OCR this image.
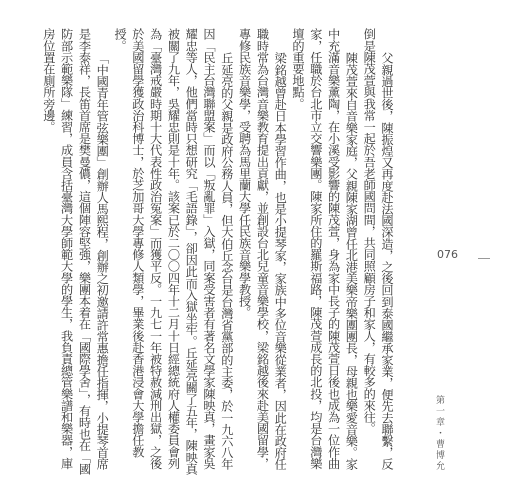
父親過世後，陳振煌又再度赴法國深造，之後回到泰國繼承家業，便先去聯繫，反倒是陳茂萱與我常一起於吾老師國問間，共同照顧房子和家人，有較多的來往。

陳茂萱來自音樂家庭，父親陳家湖曾任北港美樂帝樂團團長，母親也樂愛音樂。家中充滿音樂薰陶，在小溪受影響的陳茂萱，身為家中長子的陳茂萱日後也成為一位作曲家，任職於台北市立交響樂團。陳家所住的羅斯福路，陳茂萱成長的北投，均是台灣樂壇的重要地點。

梁銘越曾赴日本學習作曲，也是小提琴家，家族中多位音樂從業者，因此在政府任職時常為台灣音樂教育提出貢獻，並創設台北兒童音樂學校，梁銘越後來赴美國留學，專修民族音樂學，受聘為馬里蘭大學任民族音樂學教授。

丘延亮的父親是政府公務人員，但大伯丘念台是台灣省黨部的主委，於一九六八年因「民主台灣聯盟案」而以「叛亂罪」入獄，同案受害者有著名文學家陳映真，畫家吳耀忠等人，他們當時只想研究「毛語錄」，卻因此而入獄坐牢。丘延亮關了五年，陳映真被關了九年，吳耀忠則是十年。該案已於二〇〇四年十二月十日經總統府人權委員會列為「臺灣戒嚴時期十大代表性政治冤案」而獲平反。一九七一年被特赦減刑出獄，之後於美國留學獲政治科博士，於芝加哥大學專修人類學，畢業後赴香港浸會大學擔任教授。

「中國青年管弦樂團」創辦人馬熙程，創辦之初邀請許常惠擔任指揮，小提琴首席是李泰祥，長笛首席是樊曼儂，這個陣容堅強，樂團本着在「國際學舍」，有時也在「國防部示範樂隊」練習，成員含括臺灣大學師範大學的學生，我負責總管樂譜和樂器，庫房位置在廁所旁邊。

076
第一章・曹博允
